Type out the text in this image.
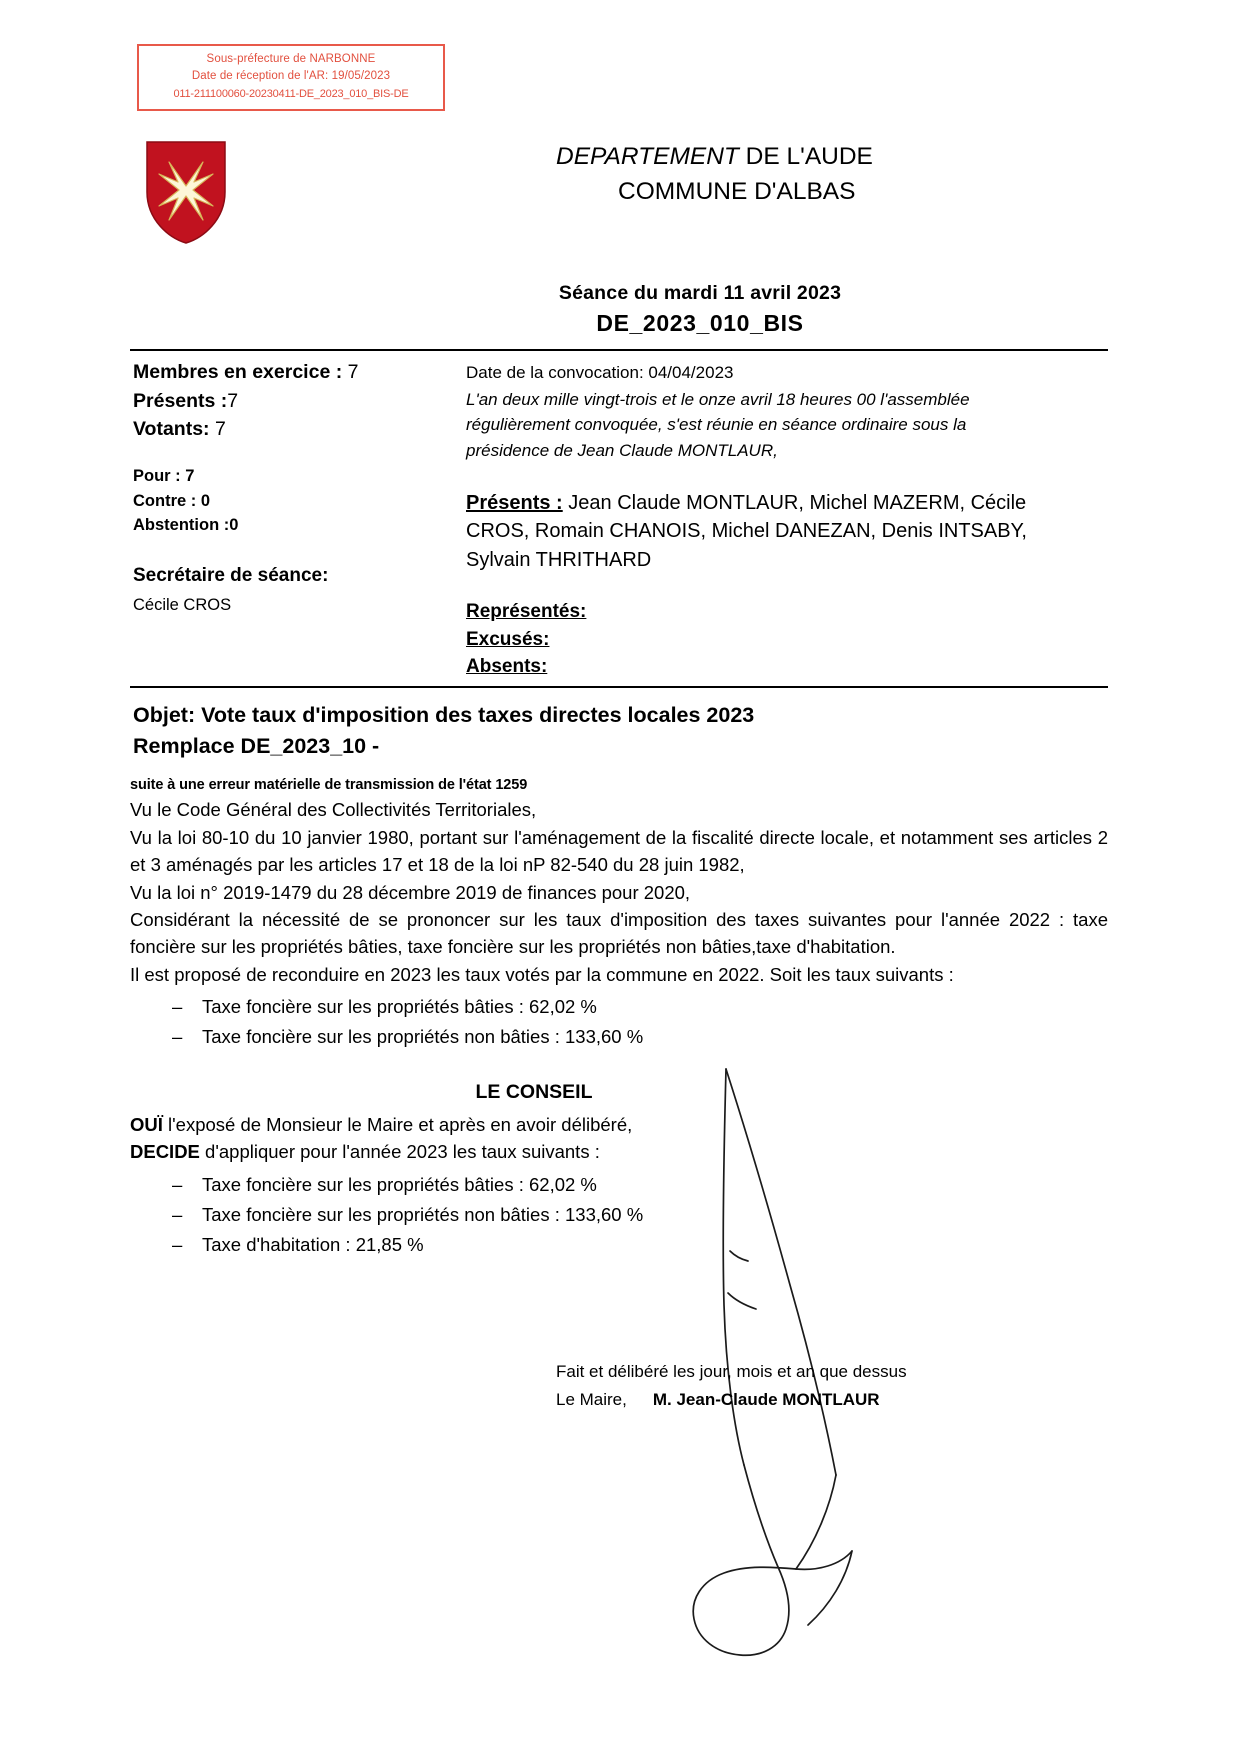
Sous-préfecture de NARBONNE
Date de réception de l'AR: 19/05/2023
011-211100060-20230411-DE_2023_010_BIS-DE
DEPARTEMENT DE L'AUDE
COMMUNE D'ALBAS
Séance du mardi 11 avril 2023
DE_2023_010_BIS
Membres en exercice : 7
Présents :7
Votants: 7
Pour : 7
Contre : 0
Abstention :0
Secrétaire de séance:
Cécile CROS
Date de la convocation: 04/04/2023
L'an deux mille vingt-trois et le onze avril 18 heures 00 l'assemblée régulièrement convoquée, s'est réunie en séance ordinaire sous la présidence de Jean Claude MONTLAUR,
Présents : Jean Claude MONTLAUR, Michel MAZERM, Cécile CROS, Romain CHANOIS, Michel DANEZAN, Denis INTSABY, Sylvain THRITHARD
Représentés:
Excusés:
Absents:
Objet: Vote taux d'imposition des taxes directes locales 2023
Remplace DE_2023_10 -

suite à une erreur matérielle de transmission de l'état 1259

Vu le Code Général des Collectivités Territoriales,

Vu la loi 80-10 du 10 janvier 1980, portant sur l'aménagement de la fiscalité directe locale, et notamment ses articles 2 et 3 aménagés par les articles 17 et 18 de la loi nP 82-540 du 28 juin 1982,

Vu la loi n° 2019-1479 du 28 décembre 2019 de finances pour 2020,

Considérant la nécessité de se prononcer sur les taux d'imposition des taxes suivantes pour l'année 2022 : taxe foncière sur les propriétés bâties, taxe foncière sur les propriétés non bâties,taxe d'habitation.

Il est proposé de reconduire en 2023 les taux votés par la commune en 2022. Soit les taux suivants :

– Taxe foncière sur les propriétés bâties : 62,02 %
– Taxe foncière sur les propriétés non bâties : 133,60 %
LE CONSEIL

OUÏ l'exposé de Monsieur le Maire et après en avoir délibéré,

DECIDE d'appliquer pour l'année 2023 les taux suivants :

– Taxe foncière sur les propriétés bâties : 62,02 %
– Taxe foncière sur les propriétés non bâties : 133,60 %
– Taxe d'habitation : 21,85 %
Fait et délibéré les jour, mois et an que dessus
Le Maire, M. Jean-Claude MONTLAUR
